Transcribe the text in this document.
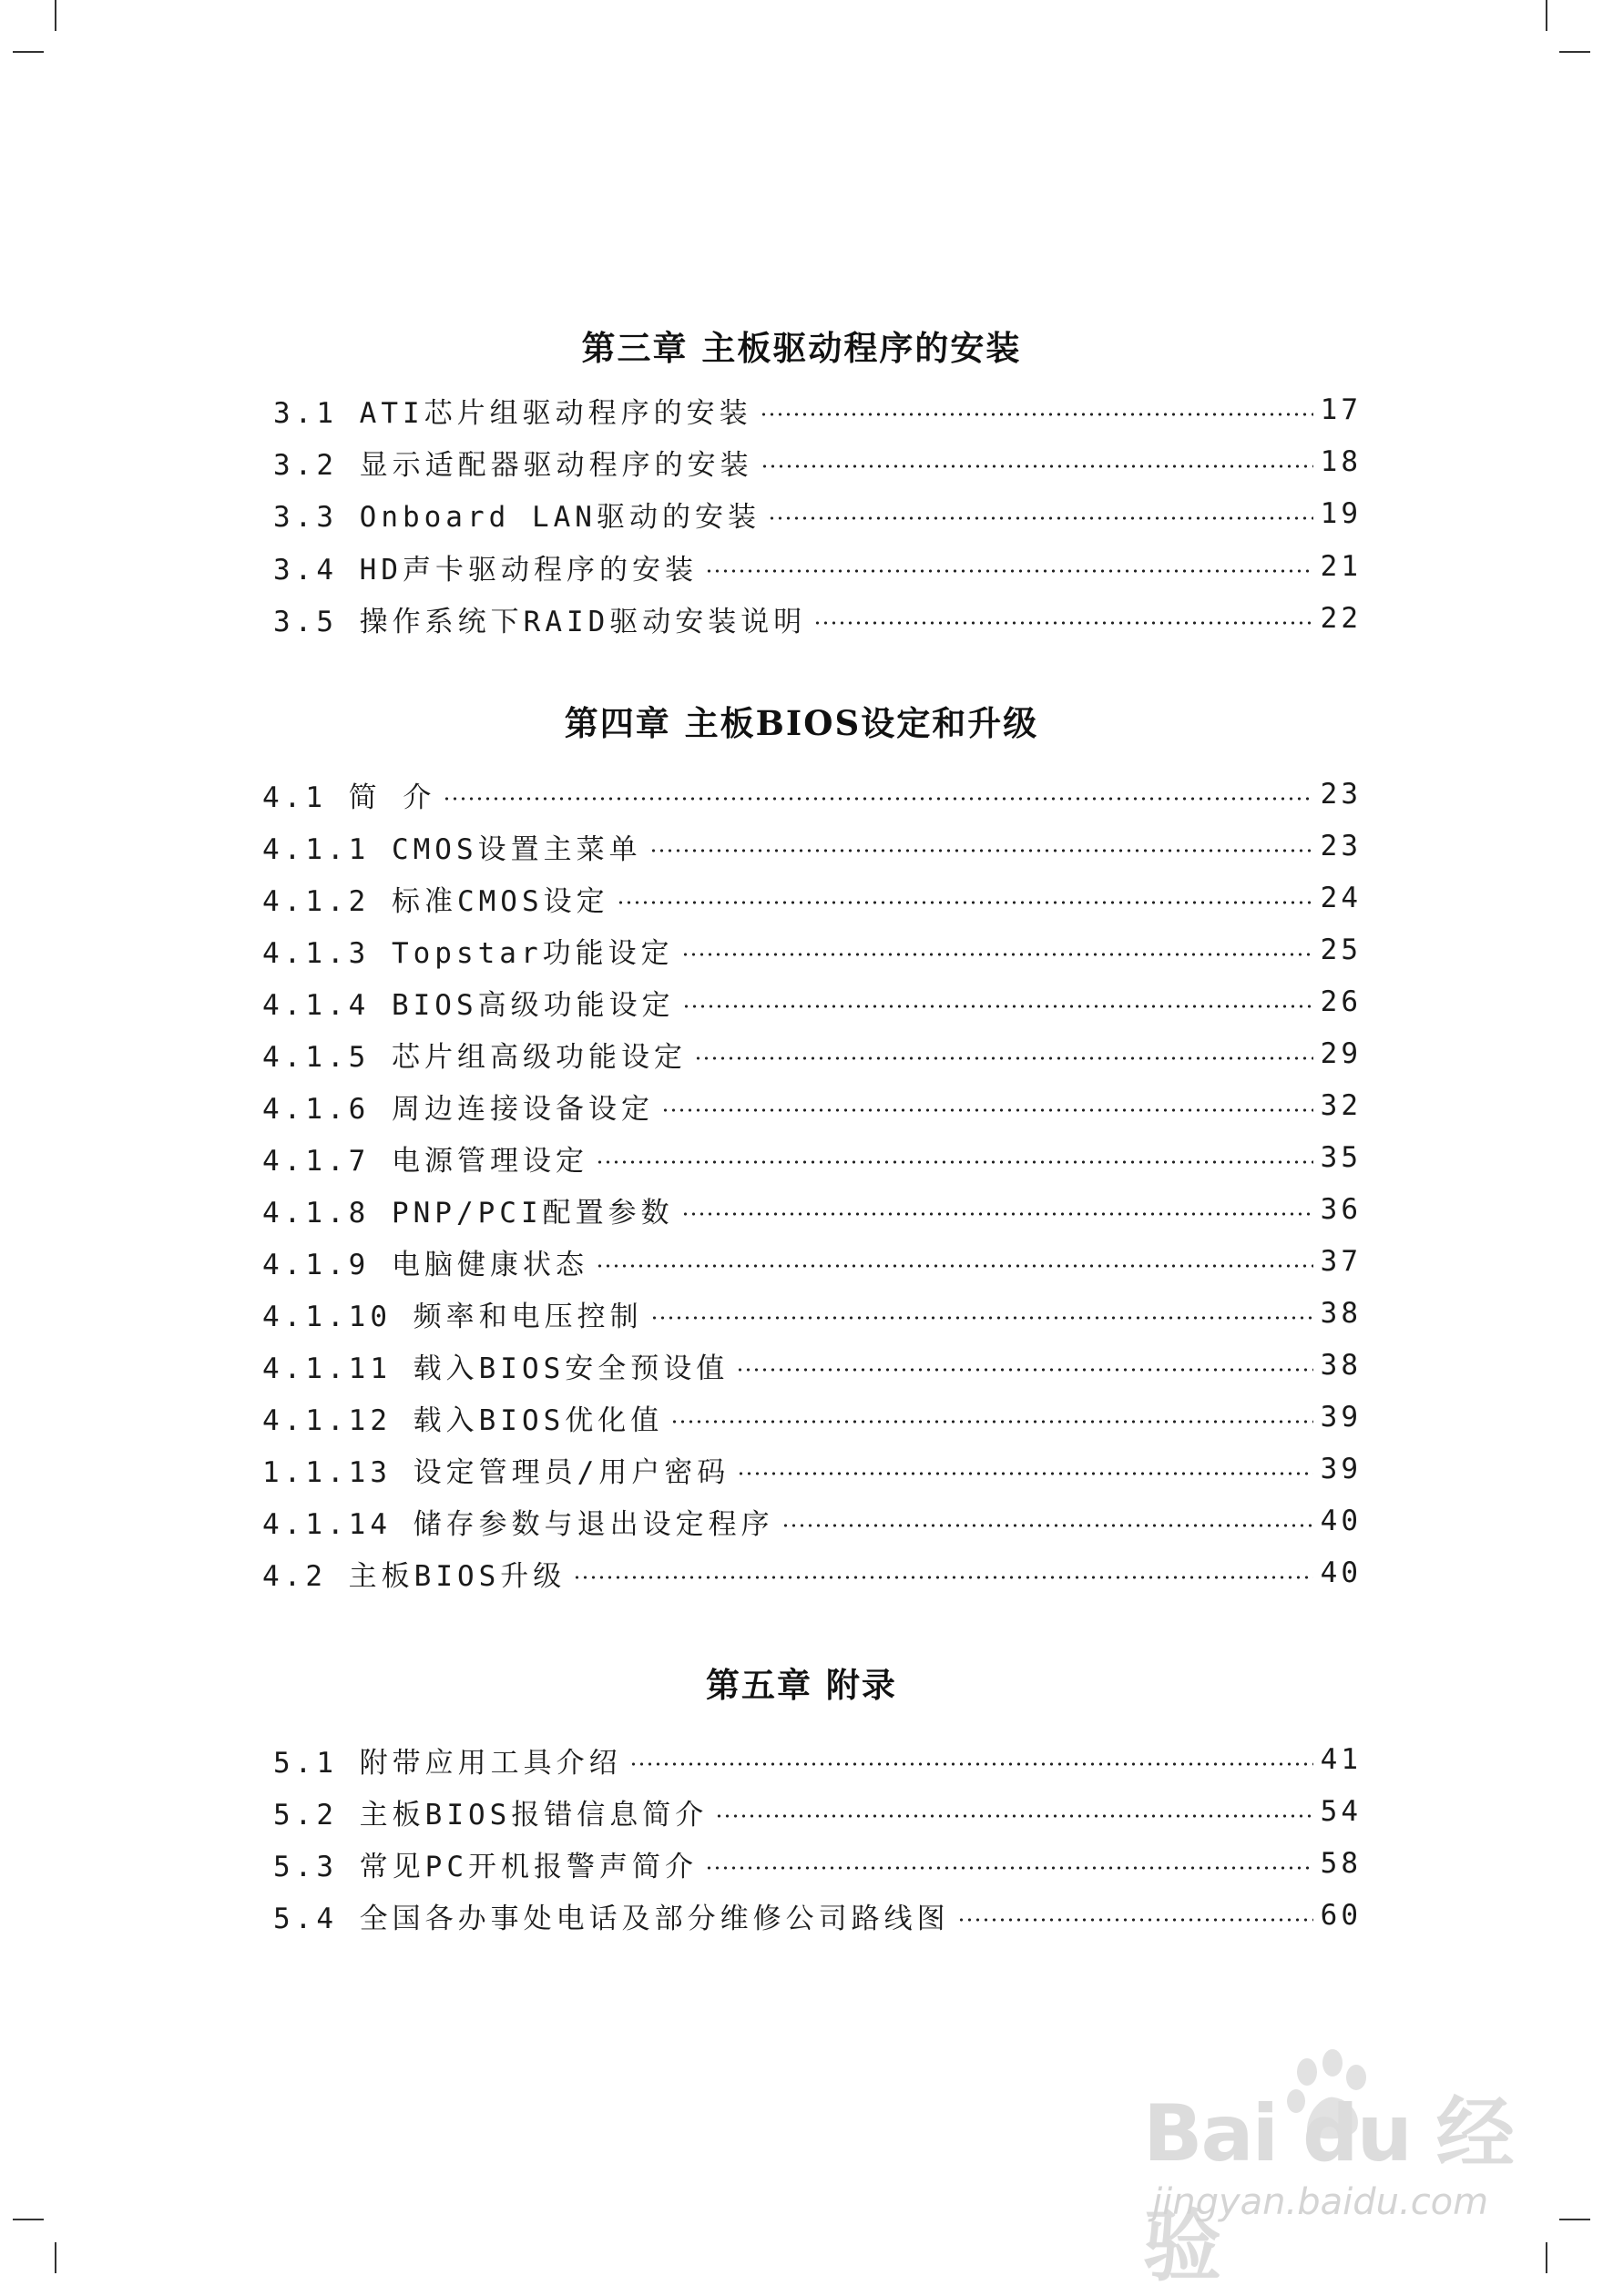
第三章 主板驱动程序的安装
3.1 ATI芯片组驱动程序的安装	17
3.2 显示适配器驱动程序的安装	18
3.3 Onboard LAN驱动的安装	19
3.4 HD声卡驱动程序的安装	21
3.5 操作系统下RAID驱动安装说明	22
第四章 主板BIOS设定和升级
4.1 简 介	23
4.1.1 CMOS设置主菜单	23
4.1.2 标准CMOS设定	24
4.1.3 Topstar功能设定	25
4.1.4 BIOS高级功能设定	26
4.1.5 芯片组高级功能设定	29
4.1.6 周边连接设备设定	32
4.1.7 电源管理设定	35
4.1.8 PNP/PCI配置参数	36
4.1.9 电脑健康状态	37
4.1.10 频率和电压控制	38
4.1.11 载入BIOS安全预设值	38
4.1.12 载入BIOS优化值	39
1.1.13 设定管理员/用户密码	39
4.1.14 储存参数与退出设定程序	40
4.2 主板BIOS升级	40
第五章 附录
5.1 附带应用工具介绍	41
5.2 主板BIOS报错信息简介	54
5.3 常见PC开机报警声简介	58
5.4 全国各办事处电话及部分维修公司路线图	60
Bai du 经验
jingyan.baidu.com
